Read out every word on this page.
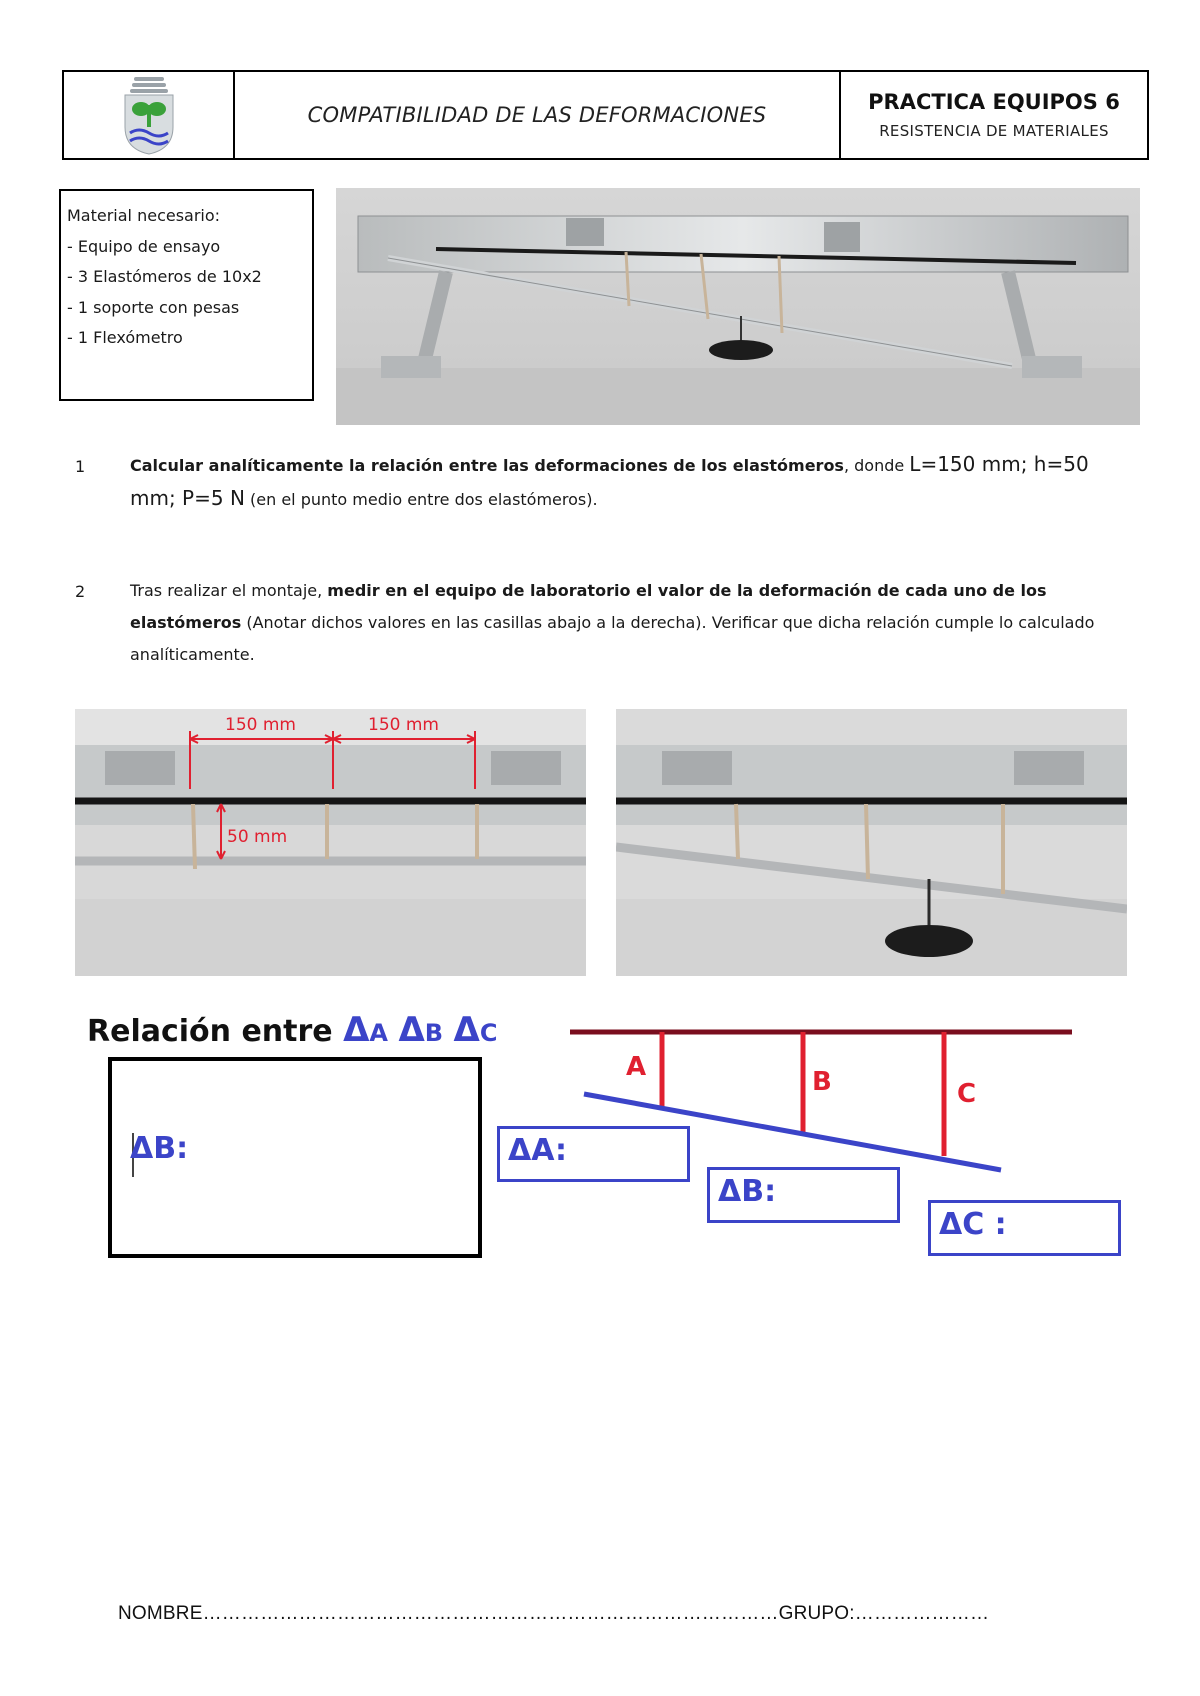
COMPATIBILIDAD DE LAS DEFORMACIONES
PRACTICA EQUIPOS 6
RESISTENCIA DE MATERIALES
Material necesario:
- Equipo de ensayo
- 3 Elastómeros de 10x2
- 1 soporte con pesas
- 1 Flexómetro
1	Calcular analíticamente la relación entre las deformaciones de los elastómeros, donde L=150 mm; h=50 mm; P=5 N (en el punto medio entre dos elastómeros).
2	Tras realizar el montaje, medir en el equipo de laboratorio el valor de la deformación de cada uno de los elastómeros (Anotar dichos valores en las casillas abajo a la derecha). Verificar que dicha relación cumple lo calculado analíticamente.
150 mm	150 mm
50 mm
Relación entre ΔA ΔB ΔC
ΔB:
A	B	C
ΔA:
ΔB:
ΔC :
NOMBRE………………………………………………………………………………GRUPO:…………………
